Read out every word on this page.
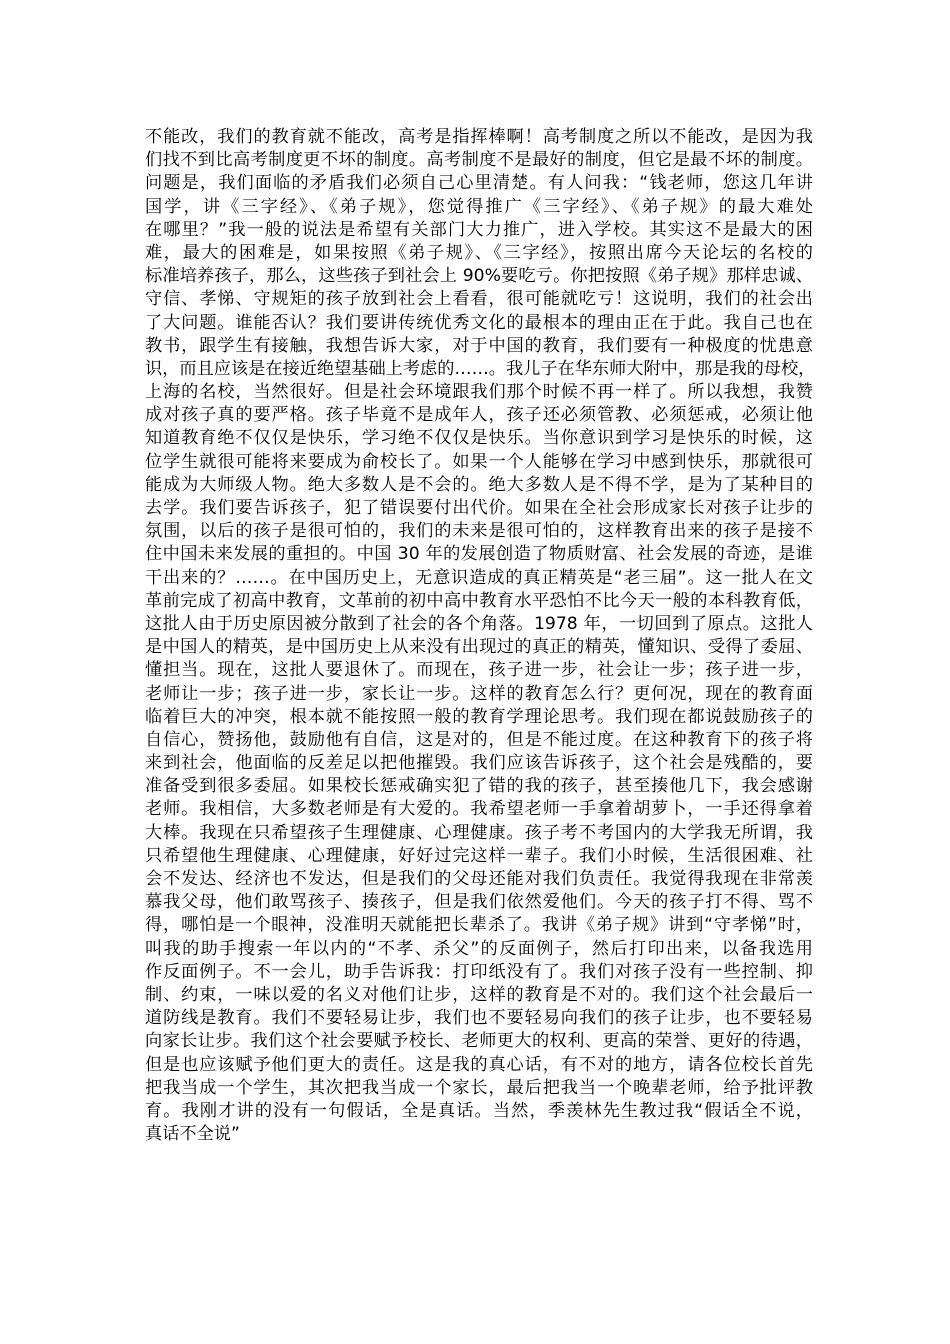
不能改，我们的教育就不能改，高考是指挥棒啊！高考制度之所以不能改，是因为我
们找不到比高考制度更不坏的制度。高考制度不是最好的制度，但它是最不坏的制度。
问题是，我们面临的矛盾我们必须自己心里清楚。有人问我：“钱老师，您这几年讲
国学，讲《三字经》、《弟子规》，您觉得推广《三字经》、《弟子规》的最大难处
在哪里？”我一般的说法是希望有关部门大力推广，进入学校。其实这不是最大的困
难，最大的困难是，如果按照《弟子规》、《三字经》，按照出席今天论坛的名校的
标准培养孩子，那么，这些孩子到社会上 90%要吃亏。你把按照《弟子规》那样忠诚、
守信、孝悌、守规矩的孩子放到社会上看看，很可能就吃亏！这说明，我们的社会出
了大问题。谁能否认？我们要讲传统优秀文化的最根本的理由正在于此。我自己也在
教书，跟学生有接触，我想告诉大家，对于中国的教育，我们要有一种极度的忧患意
识，而且应该是在接近绝望基础上考虑的……。我儿子在华东师大附中，那是我的母校，
上海的名校，当然很好。但是社会环境跟我们那个时候不再一样了。所以我想，我赞
成对孩子真的要严格。孩子毕竟不是成年人，孩子还必须管教、必须惩戒，必须让他
知道教育绝不仅仅是快乐，学习绝不仅仅是快乐。当你意识到学习是快乐的时候，这
位学生就很可能将来要成为俞校长了。如果一个人能够在学习中感到快乐，那就很可
能成为大师级人物。绝大多数人是不会的。绝大多数人是不得不学，是为了某种目的
去学。我们要告诉孩子，犯了错误要付出代价。如果在全社会形成家长对孩子让步的
氛围，以后的孩子是很可怕的，我们的未来是很可怕的，这样教育出来的孩子是接不
住中国未来发展的重担的。中国 30 年的发展创造了物质财富、社会发展的奇迹，是谁
干出来的？……。在中国历史上，无意识造成的真正精英是“老三届”。这一批人在文
革前完成了初高中教育，文革前的初中高中教育水平恐怕不比今天一般的本科教育低，
这批人由于历史原因被分散到了社会的各个角落。1978 年，一切回到了原点。这批人
是中国人的精英，是中国历史上从来没有出现过的真正的精英，懂知识、受得了委屈、
懂担当。现在，这批人要退休了。而现在，孩子进一步，社会让一步；孩子进一步，
老师让一步；孩子进一步，家长让一步。这样的教育怎么行？更何况，现在的教育面
临着巨大的冲突，根本就不能按照一般的教育学理论思考。我们现在都说鼓励孩子的
自信心，赞扬他，鼓励他有自信，这是对的，但是不能过度。在这种教育下的孩子将
来到社会，他面临的反差足以把他摧毁。我们应该告诉孩子，这个社会是残酷的，要
准备受到很多委屈。如果校长惩戒确实犯了错的我的孩子，甚至揍他几下，我会感谢
老师。我相信，大多数老师是有大爱的。我希望老师一手拿着胡萝卜，一手还得拿着
大棒。我现在只希望孩子生理健康、心理健康。孩子考不考国内的大学我无所谓，我
只希望他生理健康、心理健康，好好过完这样一辈子。我们小时候，生活很困难、社
会不发达、经济也不发达，但是我们的父母还能对我们负责任。我觉得我现在非常羡
慕我父母，他们敢骂孩子、揍孩子，但是我们依然爱他们。今天的孩子打不得、骂不
得，哪怕是一个眼神，没准明天就能把长辈杀了。我讲《弟子规》讲到“守孝悌”时，
叫我的助手搜索一年以内的“不孝、杀父”的反面例子，然后打印出来，以备我选用
作反面例子。不一会儿，助手告诉我：打印纸没有了。我们对孩子没有一些控制、抑
制、约束，一味以爱的名义对他们让步，这样的教育是不对的。我们这个社会最后一
道防线是教育。我们不要轻易让步，我们也不要轻易向我们的孩子让步，也不要轻易
向家长让步。我们这个社会要赋予校长、老师更大的权利、更高的荣誉、更好的待遇，
但是也应该赋予他们更大的责任。这是我的真心话，有不对的地方，请各位校长首先
把我当成一个学生，其次把我当成一个家长，最后把我当一个晚辈老师，给予批评教
育。我刚才讲的没有一句假话，全是真话。当然，季羡林先生教过我“假话全不说，
真话不全说”
